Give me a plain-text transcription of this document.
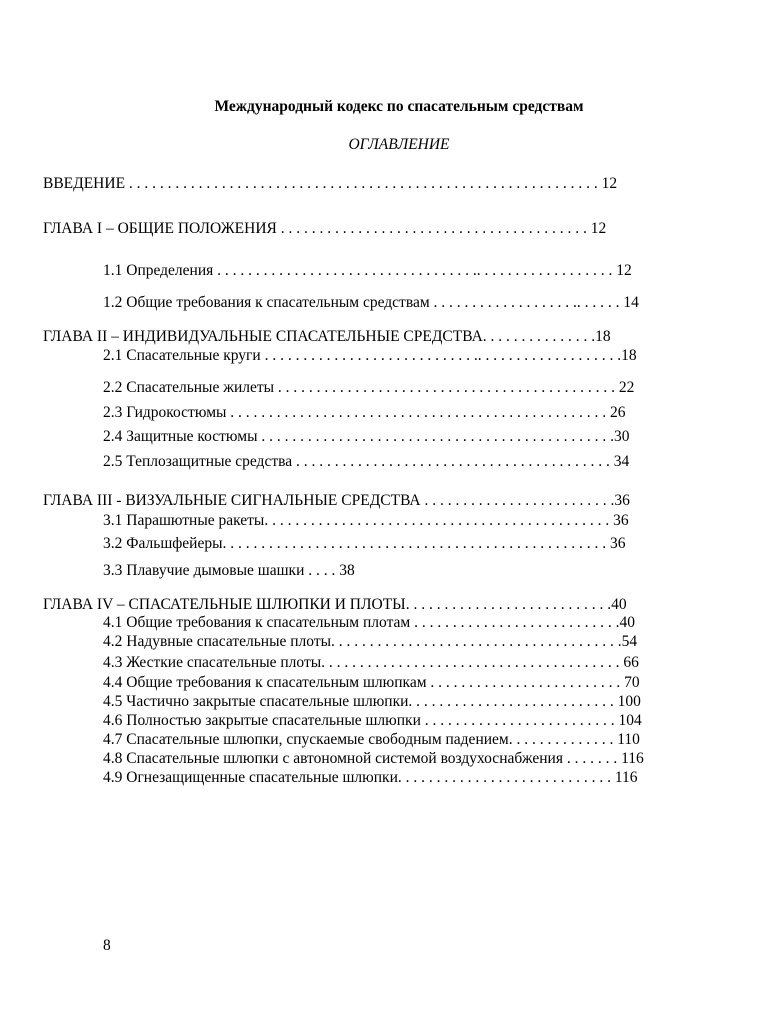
Международный кодекс по спасательным средствам
ОГЛАВЛЕНИЕ
ВВЕДЕНИЕ . . . . . . . . . . . . . . . . . . . . . . . . . . . . . . . . . . . . . . . . . . . . . . . . . . . . . . . . . . . . . 12
ГЛАВА I – ОБЩИЕ ПОЛОЖЕНИЯ . . . . . . . . . . . . . . . . . . . . . . . . . . . . . . . . . . . . . . . . 12
1.1 Определения . . . . . . . . . . . . . . . . . . . . . . . . . . . . . . . . . .. . . . . . . . . . . . . . . . . . 12
1.2 Общие требования к спасательным средствам . . . . . . . . . . . . . . . . . . .. . . . . . 14
ГЛАВА II – ИНДИВИДУАЛЬНЫЕ СПАСАТЕЛЬНЫЕ СРЕДСТВА. . . . . . . . . . . . . . .18
2.1 Спасательные круги . . . . . . . . . . . . . . . . . . . . . . . . . . . .. . . . . . . . . . . . . . . . . . .18
2.2 Спасательные жилеты . . . . . . . . . . . . . . . . . . . . . . . . . . . . . . . . . . . . . . . . . . . . 22
2.3 Гидрокостюмы . . . . . . . . . . . . . . . . . . . . . . . . . . . . . . . . . . . . . . . . . . . . . . . . . 26
2.4 Защитные костюмы . . . . . . . . . . . . . . . . . . . . . . . . . . . . . . . . . . . . . . . . . . . . . .30
2.5 Теплозащитные средства . . . . . . . . . . . . . . . . . . . . . . . . . . . . . . . . . . . . . . . . . 34
ГЛАВА III - ВИЗУАЛЬНЫЕ СИГНАЛЬНЫЕ СРЕДСТВА . . . . . . . . . . . . . . . . . . . . . . . . .36
3.1 Парашютные ракеты. . . . . . . . . . . . . . . . . . . . . . . . . . . . . . . . . . . . . . . . . . . . . 36
3.2 Фальшфейеры. . . . . . . . . . . . . . . . . . . . . . . . . . . . . . . . . . . . . . . . . . . . . . . . . . 36
3.3 Плавучие дымовые шашки . . . . 38
ГЛАВА IV – СПАСАТЕЛЬНЫЕ ШЛЮПКИ И ПЛОТЫ. . . . . . . . . . . . . . . . . . . . . . . . . . .40
4.1 Общие требования к спасательным плотам . . . . . . . . . . . . . . . . . . . . . . . . . . .40
4.2 Надувные спасательные плоты. . . . . . . . . . . . . . . . . . . . . . . . . . . . . . . . . . . . . .54
4.3 Жесткие спасательные плоты. . . . . . . . . . . . . . . . . . . . . . . . . . . . . . . . . . . . . . . 66
4.4 Общие требования к спасательным шлюпкам . . . . . . . . . . . . . . . . . . . . . . . . . 70
4.5 Частично закрытые спасательные шлюпки. . . . . . . . . . . . . . . . . . . . . . . . . . . 100
4.6 Полностью закрытые спасательные шлюпки . . . . . . . . . . . . . . . . . . . . . . . . . 104
4.7 Спасательные шлюпки, спускаемые свободным падением. . . . . . . . . . . . . . 110
4.8 Спасательные шлюпки с автономной системой воздухоснабжения . . . . . . . 116
4.9 Огнезащищенные спасательные шлюпки. . . . . . . . . . . . . . . . . . . . . . . . . . . . 116
8
